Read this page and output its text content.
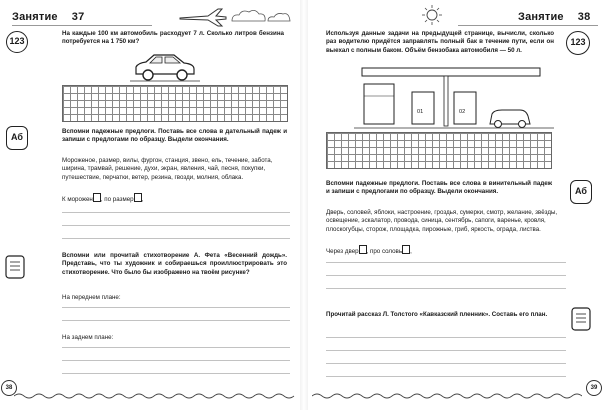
Занятие 37
123
На каждые 100 км автомобиль расходует 7 л. Сколько литров бензина потребуется на 1 750 км?
Аб
Вспомни падежные предлоги. Поставь все слова в дательный падеж и запиши с предлогами по образцу. Выдели окончания.
Мороженое, размер, вилы, фургон, станция, звено, ель, течение, забота, ширина, трамвай, решение, духи, экран, явления, чай, песня, покупки, путешествие, перчатки, ветер, резина, гвозди, молния, облака.
К морожен , по размер ,
Вспомни или прочитай стихотворение А. Фета «Весенний дождь». Представь, что ты художник и собираешься проиллюстрировать это стихотворение. Что было бы изображено на твоём рисунке?
На переднем плане:
На заднем плане:
38
Занятие 38
Используя данные задачи на предыдущей странице, вычисли, сколько раз водителю придётся заправлять полный бак в течение пути, если он выехал с полным баком. Объём бензобака автомобиля — 50 л.
123
01	02
Вспомни падежные предлоги. Поставь все слова в винительный падеж и запиши с предлогами по образцу. Выдели окончания.	Аб
Дверь, соловей, яблоки, настроение, гроздья, сумерки, смотр, желание, звёзды, освещение, эскалатор, провода, синица, сентябрь, сапоги, варенье, кровля, плоскогубцы, сторож, площадка, пирожные, гриб, яркость, ограда, листва.
Через двер , про соловь ,
Прочитай рассказ Л. Толстого «Кавказский пленник». Составь его план.
39
